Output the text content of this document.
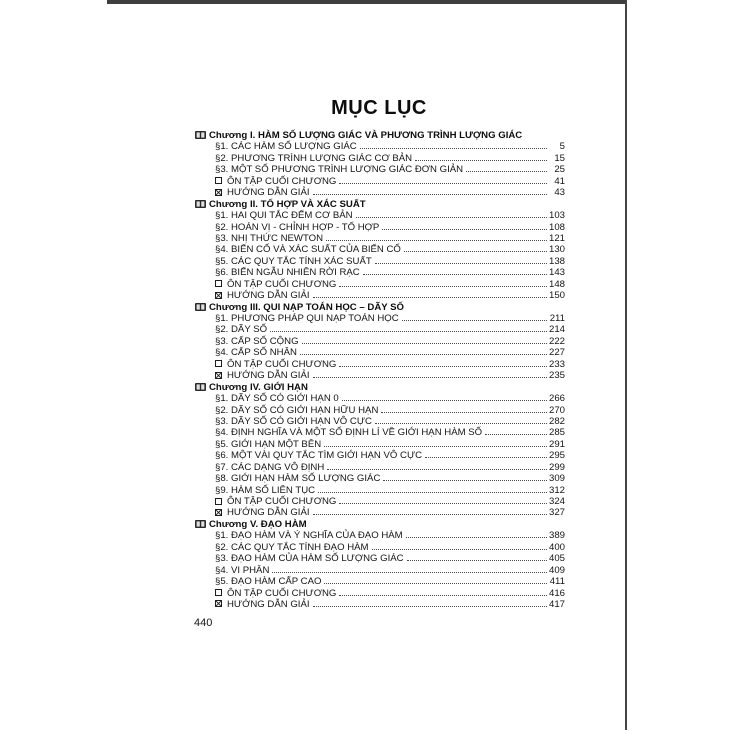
MỤC LỤC
Chương I. HÀM SỐ LƯỢNG GIÁC VÀ PHƯƠNG TRÌNH LƯỢNG GIÁC
§1. CÁC HÀM SỐ LƯỢNG GIÁC	5
§2. PHƯƠNG TRÌNH LƯỢNG GIÁC CƠ BẢN	15
§3. MỘT SỐ PHƯƠNG TRÌNH LƯỢNG GIÁC ĐƠN GIẢN	25
ÔN TẬP CUỐI CHƯƠNG	41
HƯỚNG DẪN GIẢI	43
Chương II. TỔ HỢP VÀ XÁC SUẤT
§1. HAI QUI TẮC ĐẾM CƠ BẢN	103
§2. HOÁN VỊ - CHỈNH HỢP - TỔ HỢP	108
§3. NHỊ THỨC NEWTON	121
§4. BIẾN CỐ VÀ XÁC SUẤT CỦA BIẾN CỐ	130
§5. CÁC QUY TẮC TÍNH XÁC SUẤT	138
§6. BIẾN NGẪU NHIÊN RỜI RẠC	143
ÔN TẬP CUỐI CHƯƠNG	148
HƯỚNG DẪN GIẢI	150
Chương III. QUI NẠP TOÁN HỌC – DÃY SỐ
§1. PHƯƠNG PHÁP QUI NẠP TOÁN HỌC	211
§2. DÃY SỐ	214
§3. CẤP SỐ CỘNG	222
§4. CẤP SỐ NHÂN	227
ÔN TẬP CUỐI CHƯƠNG	233
HƯỚNG DẪN GIẢI	235
Chương IV. GIỚI HẠN
§1. DÃY SỐ CÓ GIỚI HẠN 0	266
§2. DÃY SỐ CÓ GIỚI HẠN HỮU HẠN	270
§3. DÃY SỐ CÓ GIỚI HẠN VÔ CỰC	282
§4. ĐỊNH NGHĨA VÀ MỘT SỐ ĐỊNH LÍ VỀ GIỚI HẠN HÀM SỐ	285
§5. GIỚI HẠN MỘT BÊN	291
§6. MỘT VÀI QUY TẮC TÌM GIỚI HẠN VÔ CỰC	295
§7. CÁC DẠNG VÔ ĐỊNH	299
§8. GIỚI HẠN HÀM SỐ LƯỢNG GIÁC	309
§9. HÀM SỐ LIÊN TỤC	312
ÔN TẬP CUỐI CHƯƠNG	324
HƯỚNG DẪN GIẢI	327
Chương V. ĐẠO HÀM
§1. ĐẠO HÀM VÀ Ý NGHĨA CỦA ĐẠO HÀM	389
§2. CÁC QUY TẮC TÍNH ĐẠO HÀM	400
§3. ĐẠO HÀM CỦA HÀM SỐ LƯỢNG GIÁC	405
§4. VI PHÂN	409
§5. ĐẠO HÀM CẤP CAO	411
ÔN TẬP CUỐI CHƯƠNG	416
HƯỚNG DẪN GIẢI	417
440
